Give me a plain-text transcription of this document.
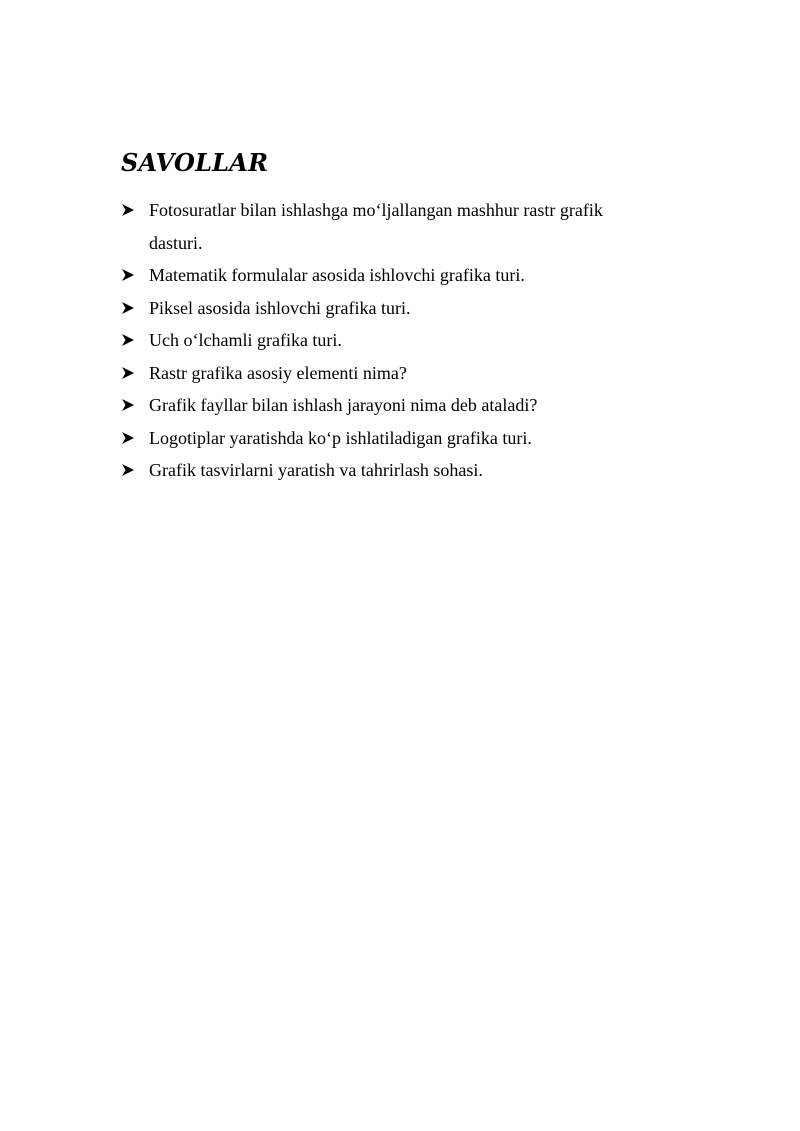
SAVOLLAR
Fotosuratlar bilan ishlashga mo‘ljallangan mashhur rastr grafik dasturi.
Matematik formulalar asosida ishlovchi grafika turi.
Piksel asosida ishlovchi grafika turi.
Uch o‘lchamli grafika turi.
Rastr grafika asosiy elementi nima?
Grafik fayllar bilan ishlash jarayoni nima deb ataladi?
Logotiplar yaratishda ko‘p ishlatiladigan grafika turi.
Grafik tasvirlarni yaratish va tahrirlash sohasi.
